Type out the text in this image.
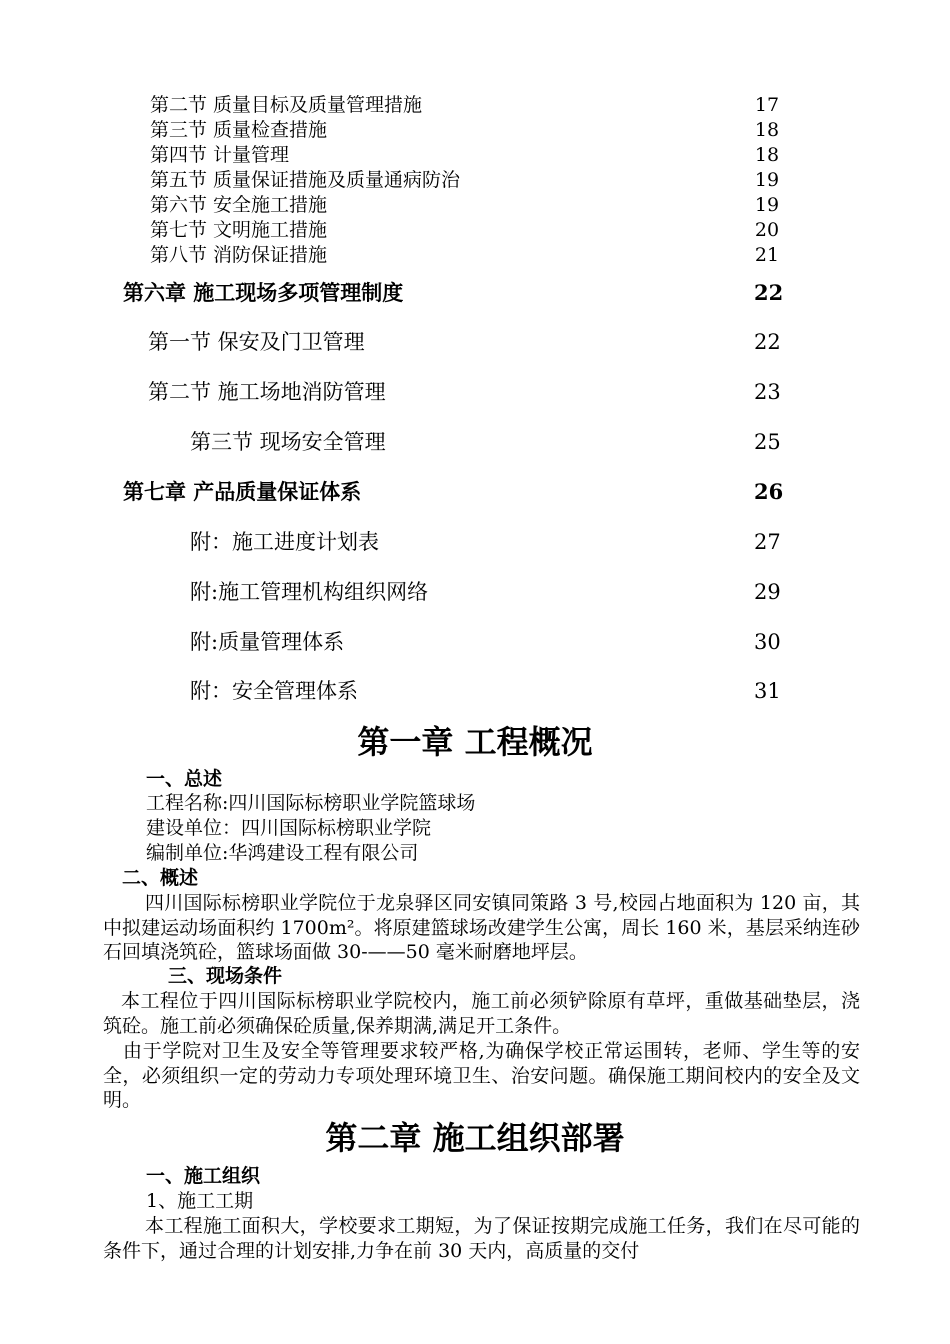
第二节 质量目标及质量管理措施	17
第三节 质量检查措施	18
第四节 计量管理	18
第五节 质量保证措施及质量通病防治	19
第六节 安全施工措施	19
第七节 文明施工措施	20
第八节 消防保证措施	21
第六章 施工现场多项管理制度	22
第一节 保安及门卫管理	22
第二节 施工场地消防管理	23
第三节 现场安全管理	25
第七章 产品质量保证体系	26
附：施工进度计划表	27
附:施工管理机构组织网络	29
附:质量管理体系	30
附：安全管理体系	31
第一章 工程概况
一、总述
工程名称:四川国际标榜职业学院篮球场
建设单位：四川国际标榜职业学院
编制单位:华鸿建设工程有限公司
二、概述
四川国际标榜职业学院位于龙泉驿区同安镇同策路 3 号,校园占地面积为 120 亩，其中拟建运动场面积约 1700m²。将原建篮球场改建学生公寓，周长 160 米，基层采纳连砂石回填浇筑砼，篮球场面做 30-——50 毫米耐磨地坪层。
三、现场条件
本工程位于四川国际标榜职业学院校内，施工前必须铲除原有草坪，重做基础垫层，浇筑砼。施工前必须确保砼质量,保养期满,满足开工条件。
由于学院对卫生及安全等管理要求较严格,为确保学校正常运围转，老师、学生等的安全，必须组织一定的劳动力专项处理环境卫生、治安问题。确保施工期间校内的安全及文明。
第二章 施工组织部署
一、施工组织
1、施工工期
本工程施工面积大，学校要求工期短，为了保证按期完成施工任务，我们在尽可能的条件下，通过合理的计划安排,力争在前 30 天内，高质量的交付
